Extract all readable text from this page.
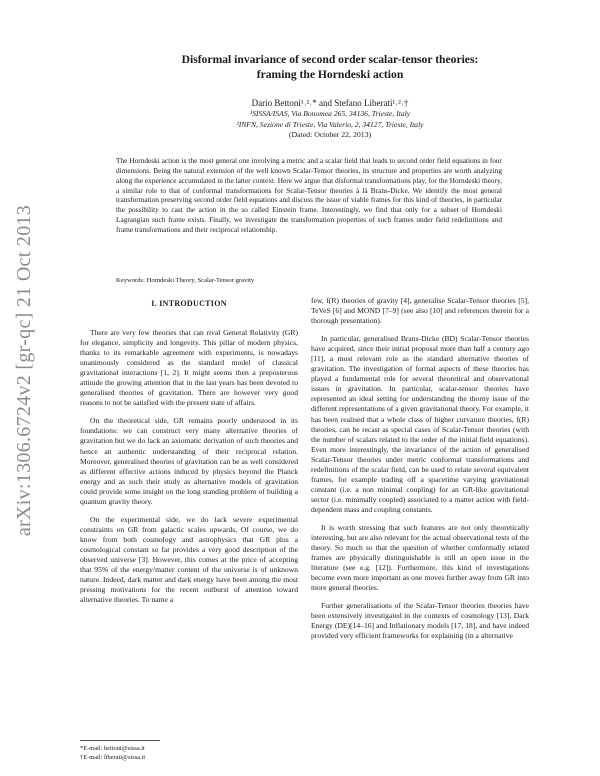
arXiv:1306.6724v2 [gr-qc] 21 Oct 2013
Disformal invariance of second order scalar-tensor theories:
framing the Horndeski action
Dario Bettoni¹˒²˒* and Stefano Liberati¹˒²˒†
¹SISSA/ISAS, Via Bonomea 265, 34136, Trieste, Italy
²INFN, Sezione di Trieste, Via Valerio, 2, 34127, Trieste, Italy
(Dated: October 22, 2013)

The Horndeski action is the most general one involving a metric and a scalar field that leads to second order field equations in four dimensions. Being the natural extension of the well known Scalar-Tensor theories, its structure and properties are worth analyzing along the experience accumulated in the latter context. Here we argue that disformal transformations play, for the Horndeski theory, a similar role to that of conformal transformations for Scalar-Tensor theories à là Brans-Dicke. We identify the most general transformation preserving second order field equations and discuss the issue of viable frames for this kind of theories, in particular the possibility to cast the action in the so called Einstein frame. Interestingly, we find that only for a subset of Horndeski Lagrangian such frame exists. Finally, we investigate the transformation properties of such frames under field redefinitions and frame transformations and their reciprocal relationship.

Keywords: Horndeski Theory, Scalar-Tensor gravity
I. INTRODUCTION

There are very few theories that can rival General Relativity (GR) for elegance, simplicity and longevity. This pillar of modern physics, thanks to its remarkable agreement with experiments, is nowadays unanimously considered as the standard model of classical gravitational interactions [1, 2]. It might seems then a preposterous attitude the growing attention that in the last years has been devoted to generalised theories of gravitation. There are however very good reasons to not be satisfied with the present state of affairs.

On the theoretical side, GR remains poorly understood in its foundations: we can construct very many alternative theories of gravitation but we do lack an axiomatic derivation of such theories and hence an authentic understanding of their reciprocal relation. Moreover, generalised theories of gravitation can be as well considered as different effective actions induced by physics beyond the Planck energy and as such their study as alternative models of gravitation could provide some insight on the long standing problem of building a quantum gravity theory.

On the experimental side, we do lack severe experimental constraints on GR from galactic scales upwards. Of course, we do know from both cosmology and astrophysics that GR plus a cosmological constant so far provides a very good description of the observed universe [3]. However, this comes at the price of accepting that 95% of the energy/matter content of the universe is of unknown nature. Indeed, dark matter and dark energy have been among the most pressing motivations for the recent outburst of attention toward alternative theories. To name a

few, f(R) theories of gravity [4], generalise Scalar-Tensor theories [5], TeVeS [6] and MOND [7–9] (see also [10] and references therein for a thorough presentation).

In particular, generalised Brans-Dicke (BD) Scalar-Tensor theories have acquired, since their initial proposal more than half a century ago [11], a most relevant role as the standard alternative theories of gravitation. The investigation of formal aspects of these theories has played a fundamental role for several theoretical and observational issues in gravitation. In particular, scalar-tensor theories have represented an ideal setting for understanding the thorny issue of the different representations of a given gravitational theory. For example, it has been realised that a whole class of higher curvature theories, f(R) theories, can be recast as special cases of Scalar-Tensor theories (with the number of scalars related to the order of the initial field equations). Even more interestingly, the invariance of the action of generalised Scalar-Tensor theories under metric conformal transformations and redefinitions of the scalar field, can be used to relate several equivalent frames, for example trading off a spacetime varying gravitational constant (i.e. a non minimal coupling) for an GR-like gravitational sector (i.e. minimally coupled) associated to a matter action with field-dependent mass and coupling constants.

It is worth stressing that such features are not only theoretically interesting, but are also relevant for the actual observational tests of the theory. So much so that the question of whether conformally related frames are physically distinguishable is still an open issue in the literature (see e.g. [12]). Furthermore, this kind of investigations become even more important as one moves further away from GR into more general theories.

Further generalisations of the Scalar-Tensor theories theories have been extensively investigated in the contexts of cosmology [13], Dark Energy (DE)[14–16] and Inflationary models [17, 18], and have indeed provided very efficient frameworks for explaining (in a alternative

*E-mail: bettoni@sissa.it
†E-mail: liberati@sissa.it
